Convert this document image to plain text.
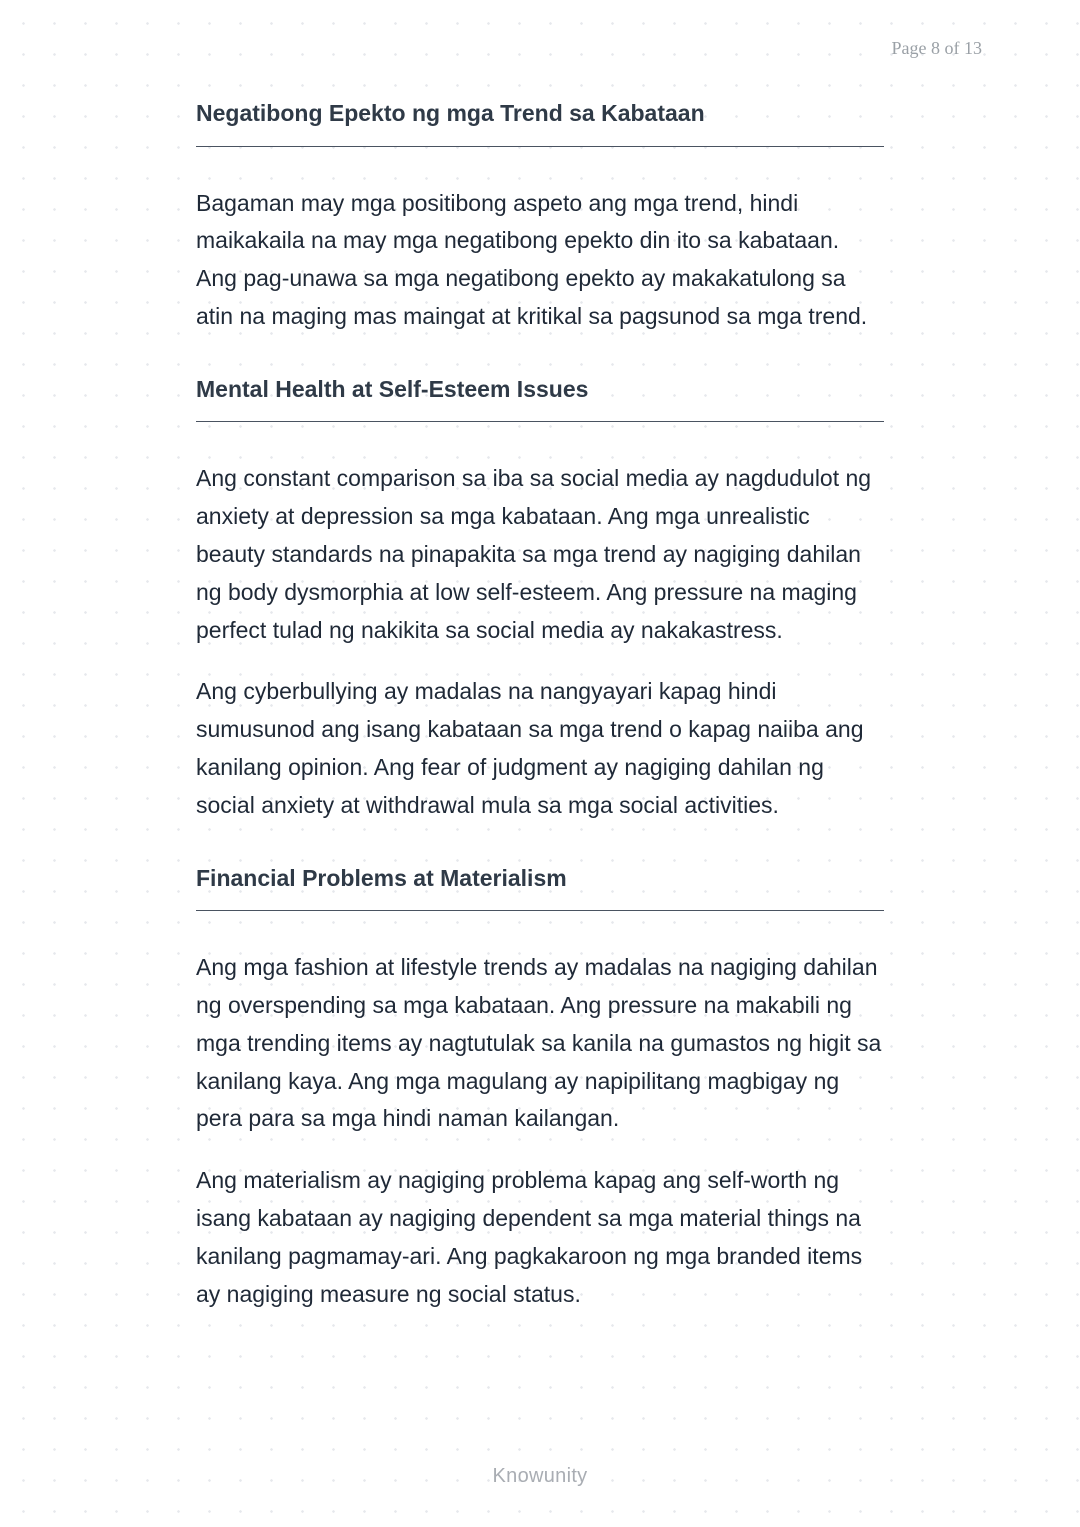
Page 8 of 13
Negatibong Epekto ng mga Trend sa Kabataan

Bagaman may mga positibong aspeto ang mga trend, hindi maikakaila na may mga negatibong epekto din ito sa kabataan. Ang pag-unawa sa mga negatibong epekto ay makakatulong sa atin na maging mas maingat at kritikal sa pagsunod sa mga trend.

Mental Health at Self-Esteem Issues

Ang constant comparison sa iba sa social media ay nagdudulot ng anxiety at depression sa mga kabataan. Ang mga unrealistic beauty standards na pinapakita sa mga trend ay nagiging dahilan ng body dysmorphia at low self-esteem. Ang pressure na maging perfect tulad ng nakikita sa social media ay nakakastress.

Ang cyberbullying ay madalas na nangyayari kapag hindi sumusunod ang isang kabataan sa mga trend o kapag naiiba ang kanilang opinion. Ang fear of judgment ay nagiging dahilan ng social anxiety at withdrawal mula sa mga social activities.

Financial Problems at Materialism

Ang mga fashion at lifestyle trends ay madalas na nagiging dahilan ng overspending sa mga kabataan. Ang pressure na makabili ng mga trending items ay nagtutulak sa kanila na gumastos ng higit sa kanilang kaya. Ang mga magulang ay napipilitang magbigay ng pera para sa mga hindi naman kailangan.

Ang materialism ay nagiging problema kapag ang self-worth ng isang kabataan ay nagiging dependent sa mga material things na kanilang pagmamay-ari. Ang pagkakaroon ng mga branded items ay nagiging measure ng social status.

Knowunity
